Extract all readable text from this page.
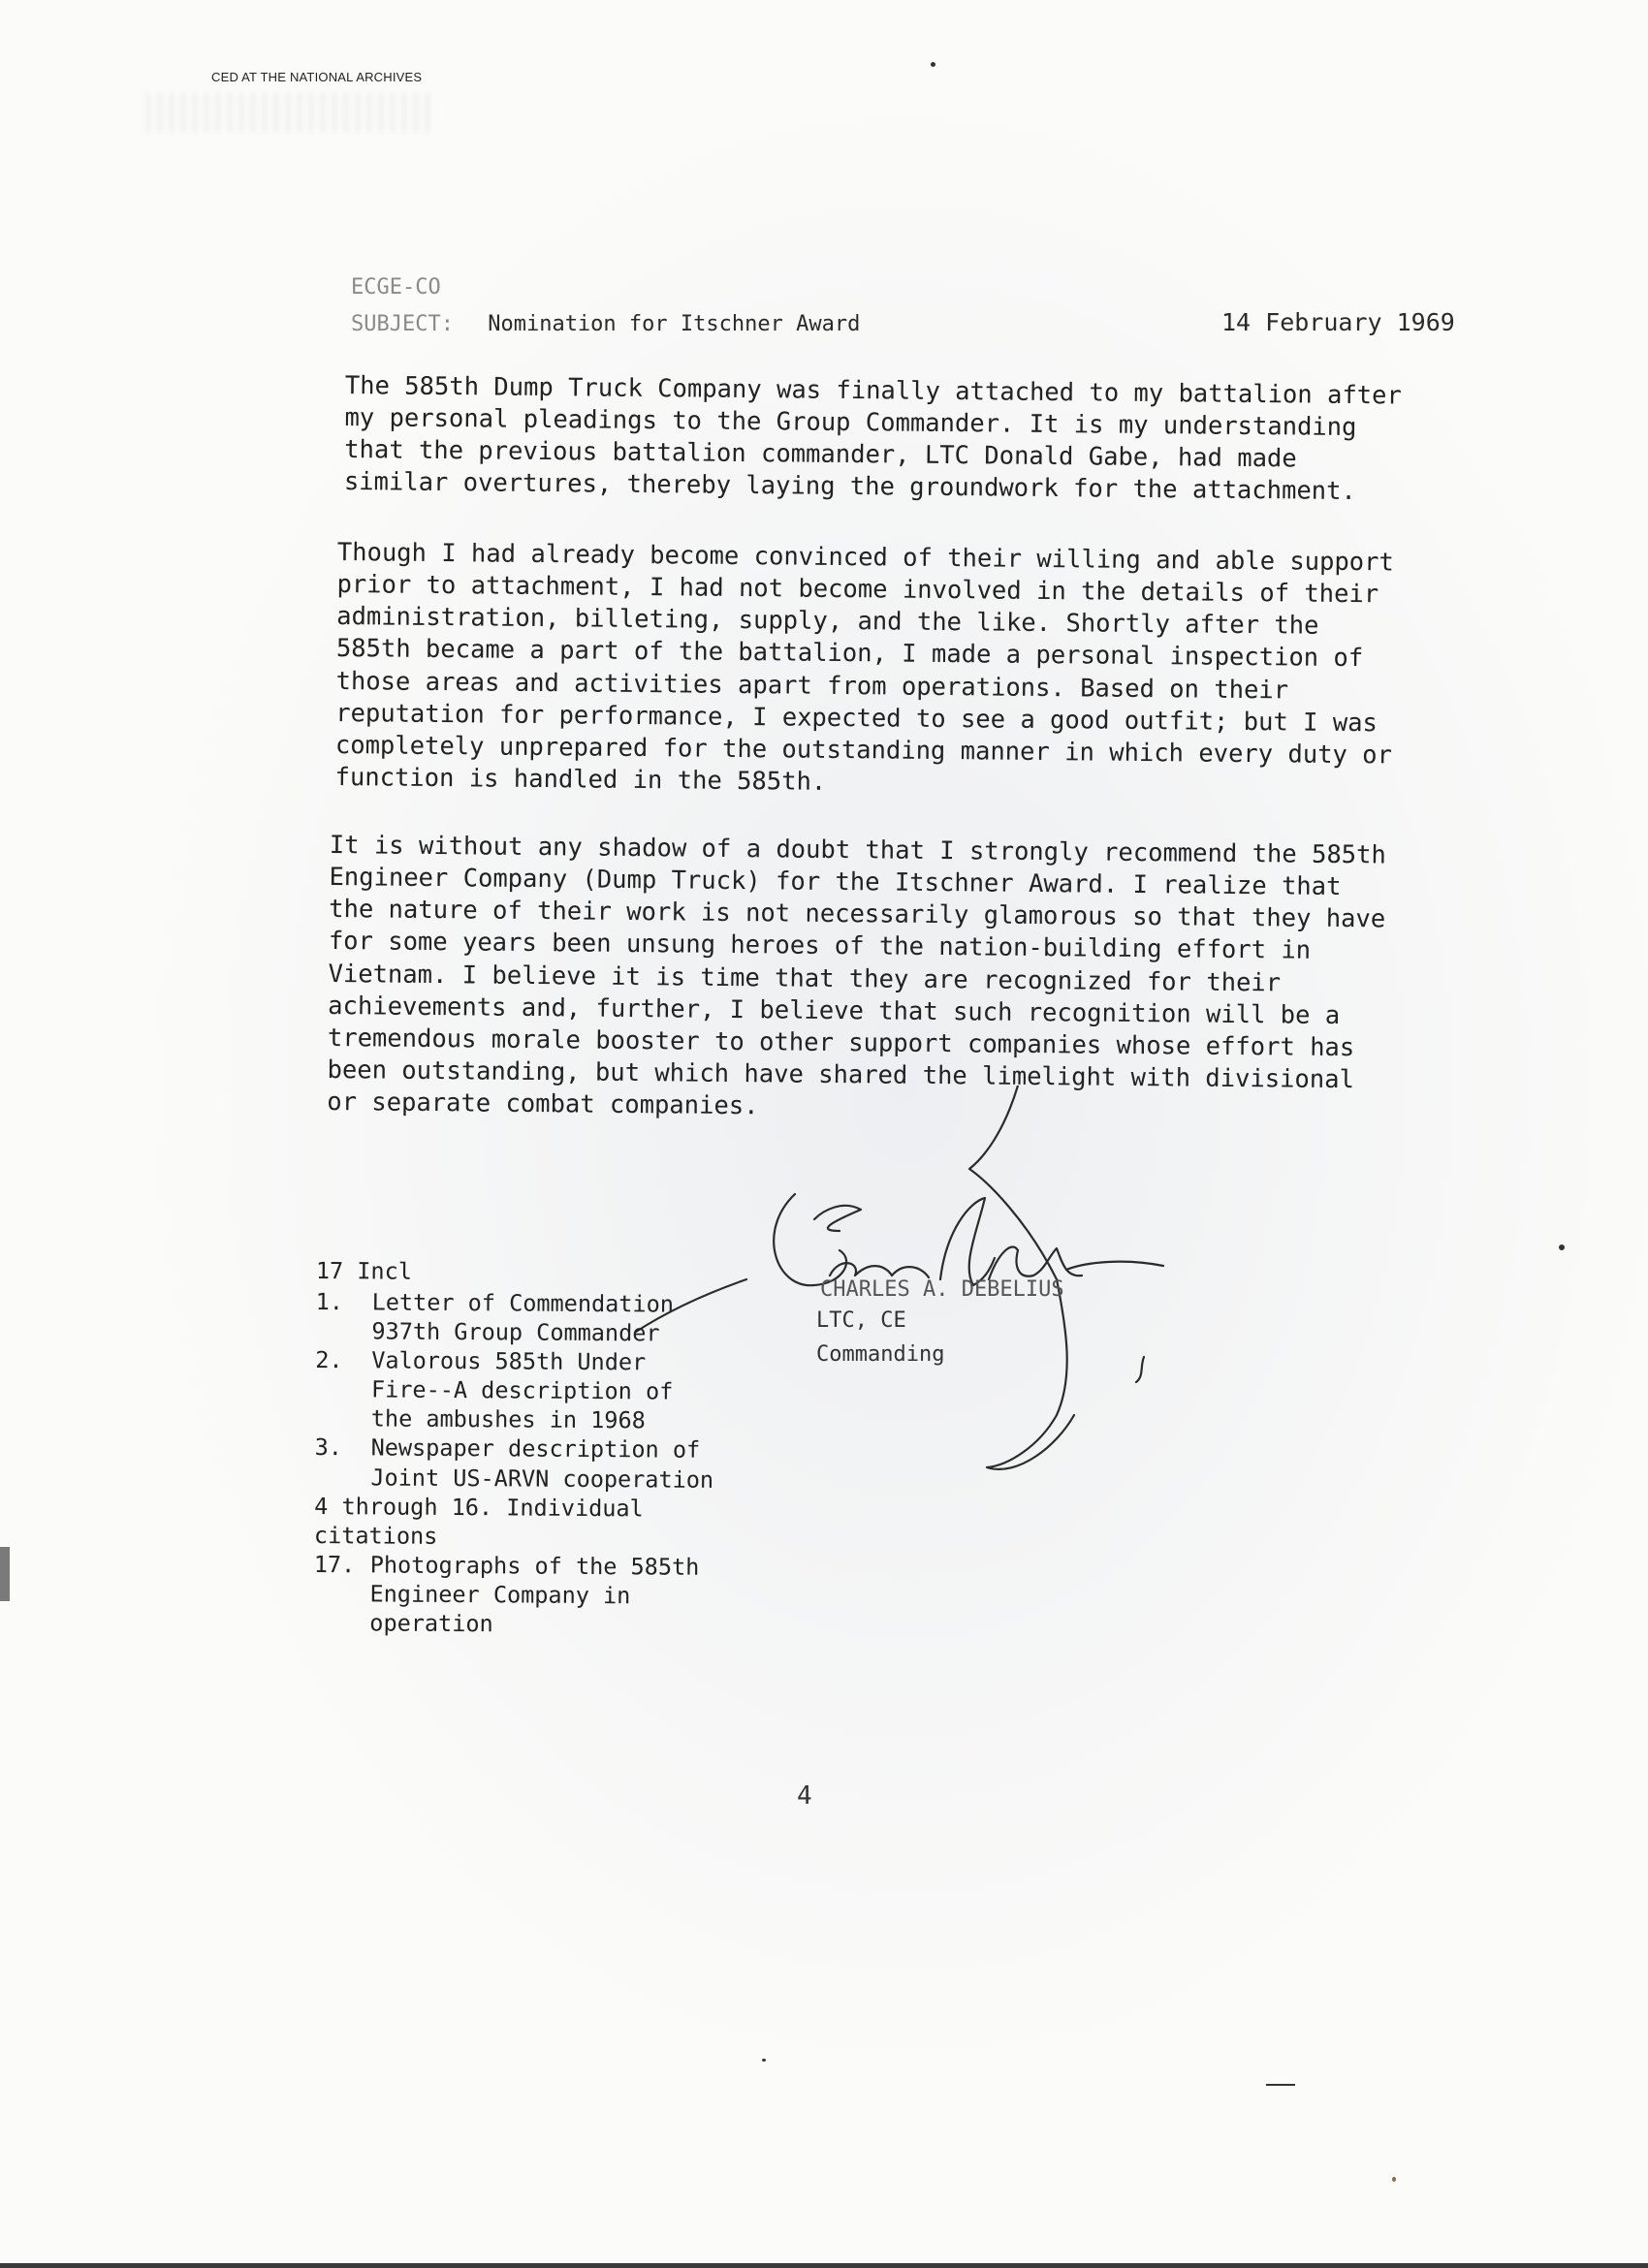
CED AT THE NATIONAL ARCHIVES
ECGE-CO
SUBJECT: Nomination for Itschner Award	14 February 1969

The 585th Dump Truck Company was finally attached to my battalion after
my personal pleadings to the Group Commander. It is my understanding
that the previous battalion commander, LTC Donald Gabe, had made
similar overtures, thereby laying the groundwork for the attachment.

Though I had already become convinced of their willing and able support
prior to attachment, I had not become involved in the details of their
administration, billeting, supply, and the like. Shortly after the
585th became a part of the battalion, I made a personal inspection of
those areas and activities apart from operations. Based on their
reputation for performance, I expected to see a good outfit; but I was
completely unprepared for the outstanding manner in which every duty or
function is handled in the 585th.

It is without any shadow of a doubt that I strongly recommend the 585th
Engineer Company (Dump Truck) for the Itschner Award. I realize that
the nature of their work is not necessarily glamorous so that they have
for some years been unsung heroes of the nation-building effort in
Vietnam. I believe it is time that they are recognized for their
achievements and, further, I believe that such recognition will be a
tremendous morale booster to other support companies whose effort has
been outstanding, but which have shared the limelight with divisional
or separate combat companies.

CHARLES A. DEBELIUS
LTC, CE
Commanding
17 Incl
1.	Letter of Commendation
937th Group Commander
2.	Valorous 585th Under
Fire--A description of
the ambushes in 1968
3.	Newspaper description of
Joint US-ARVN cooperation
4 through 16. Individual
citations
17. Photographs of the 585th
Engineer Company in
operation
4
